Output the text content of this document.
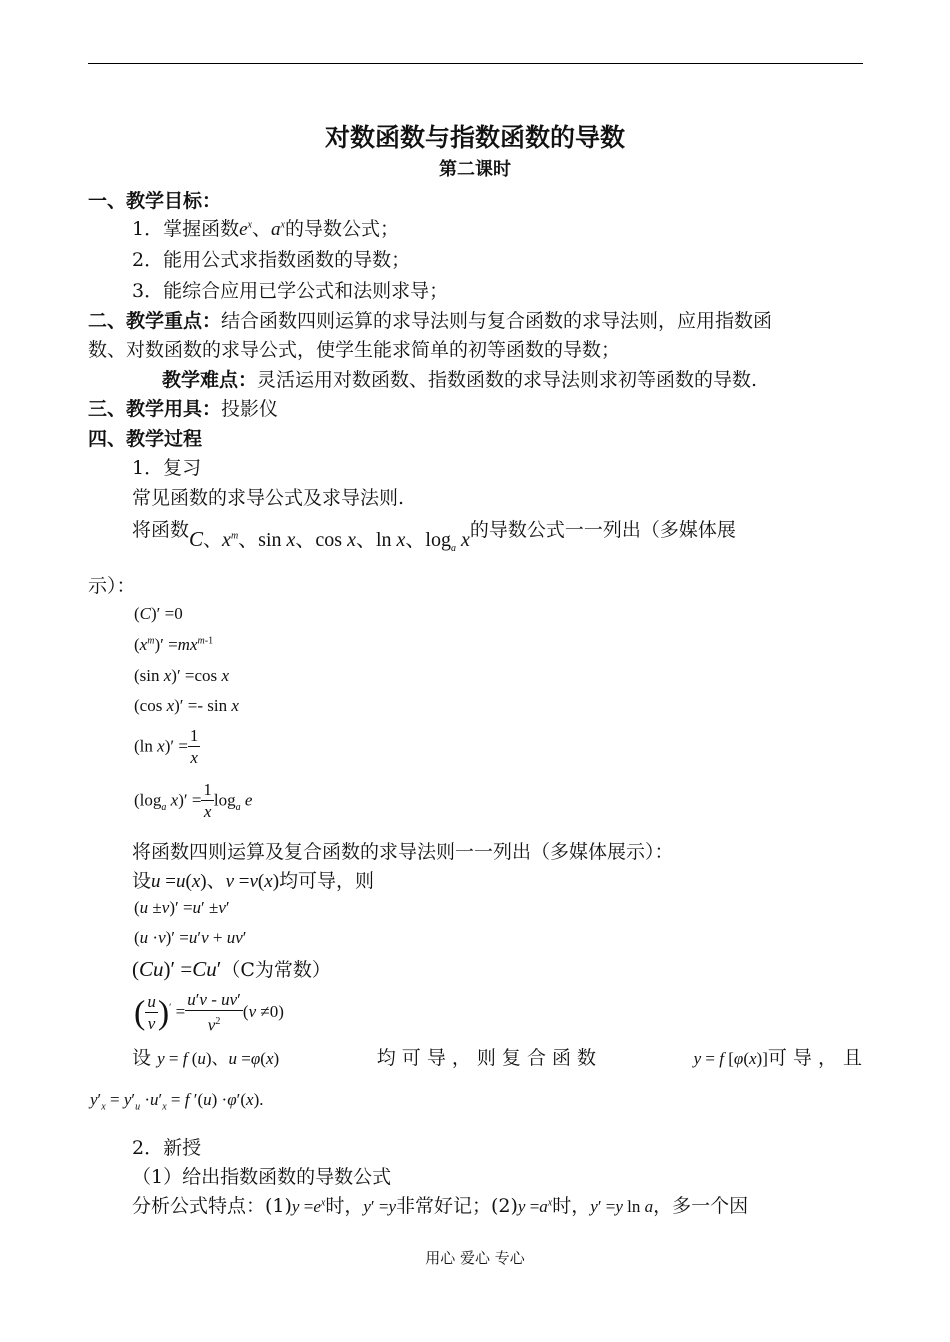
对数函数与指数函数的导数
第二课时
一、教学目标：
1．掌握函数$e^x$、$a^x$的导数公式；
2．能用公式求指数函数的导数；
3．能综合应用已学公式和法则求导；
二、教学重点：结合函数四则运算的求导法则与复合函数的求导法则，应用指数函
数、对数函数的求导公式，使学生能求简单的初等函数的导数；
教学难点：灵活运用对数函数、指数函数的求导法则求初等函数的导数.
三、教学用具：投影仪
四、教学过程
1．复习
常见函数的求导公式及求导法则.
将函数C、$x^m$、sin x、cos x、ln x、$\log_a x$的导数公式一一列出（多媒体展
示）：
(C)′ =0
$(x^m)' =mx^{m-1}$
(sin x)′ =cos x
(cos x)′ =- sin x
(ln $x)' = \frac{1}{x}$
($\log_a$ $x)' = \frac{1}{x} \log_a e$
将函数四则运算及复合函数的求导法则一一列出（多媒体展示）：
设u =u(x)、v =v(x)均可导，则
(u ±v)′ =u′ ±v′
(u ·v)′ =u′v + uv′
(Cu)′ =Cu′（C为常数）
( $\frac{u}{v} )' = \frac{u'v - uv'}{v^2} (v \ne 0)$
设 y = f (u)、u =φ(x)	均 可 导 ， 则 复 合 函 数	y = f [φ(x)]可 导 ， 且
$y'_x = y'_u \cdot u'_x = f$ ′(u) ·φ′(x).
2．新授
（1）给出指数函数的导数公式
分析公式特点：$(1)y =e^x$时，y′ =y非常好记；$(2)y =a^x$时，y′ =y ln a，多一个因
用心 爱心 专心
